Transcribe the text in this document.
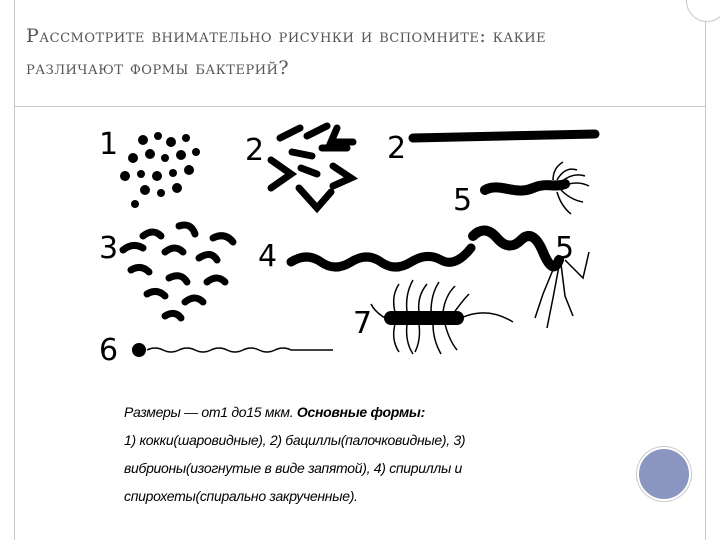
Рассмотрите внимательно рисунки и вспомните: какие
различают формы бактерий?
1	2	2
5
3	4	5
6
7
Размеры — от1 до15 мкм. Основные формы:
1) кокки(шаровидные), 2) бациллы(палочковидные), 3)
вибрионы(изогнутые в виде запятой), 4) спириллы и
спирохеты(спирально закрученные).
